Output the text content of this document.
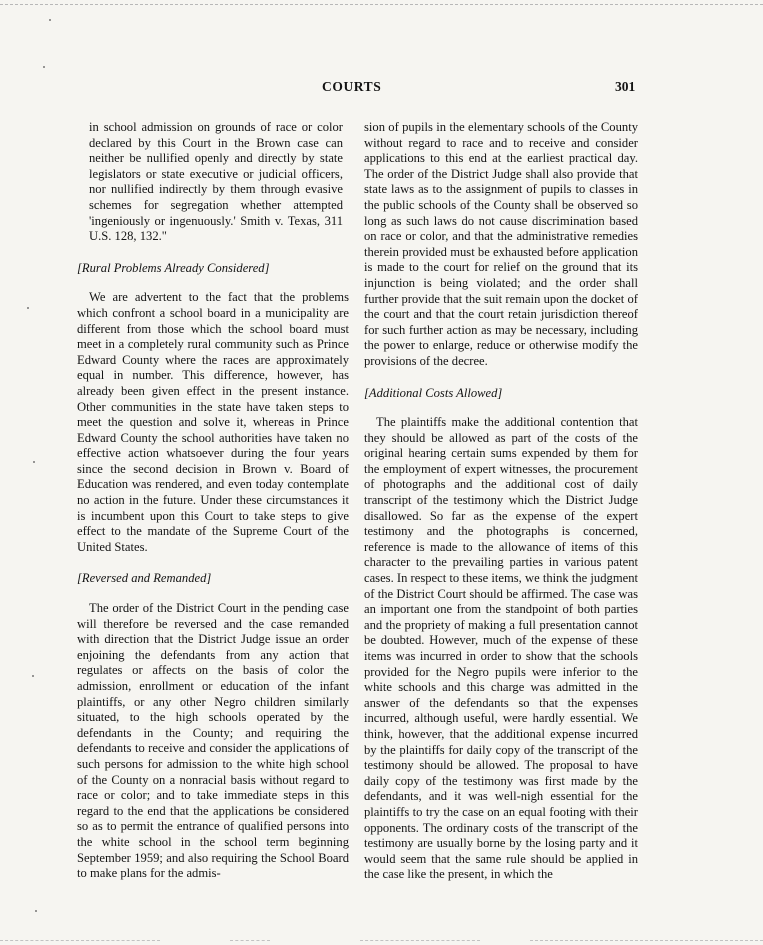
COURTS	301

in school admission on grounds of race or color declared by this Court in the Brown case can neither be nullified openly and directly by state legislators or state executive or judicial officers, nor nullified indirectly by them through evasive schemes for segregation whether attempted 'ingeniously or ingenuously.' Smith v. Texas, 311 U.S. 128, 132."

[Rural Problems Already Considered]

We are advertent to the fact that the problems which confront a school board in a municipality are different from those which the school board must meet in a completely rural community such as Prince Edward County where the races are approximately equal in number. This difference, however, has already been given effect in the present instance. Other communities in the state have taken steps to meet the question and solve it, whereas in Prince Edward County the school authorities have taken no effective action whatsoever during the four years since the second decision in Brown v. Board of Education was rendered, and even today contemplate no action in the future. Under these circumstances it is incumbent upon this Court to take steps to give effect to the mandate of the Supreme Court of the United States.

[Reversed and Remanded]

The order of the District Court in the pending case will therefore be reversed and the case remanded with direction that the District Judge issue an order enjoining the defendants from any action that regulates or affects on the basis of color the admission, enrollment or education of the infant plaintiffs, or any other Negro children similarly situated, to the high schools operated by the defendants in the County; and requiring the defendants to receive and consider the applications of such persons for admission to the white high school of the County on a nonracial basis without regard to race or color; and to take immediate steps in this regard to the end that the applications be considered so as to permit the entrance of qualified persons into the white school in the school term beginning September 1959; and also requiring the School Board to make plans for the admis-

sion of pupils in the elementary schools of the County without regard to race and to receive and consider applications to this end at the earliest practical day. The order of the District Judge shall also provide that state laws as to the assignment of pupils to classes in the public schools of the County shall be observed so long as such laws do not cause discrimination based on race or color, and that the administrative remedies therein provided must be exhausted before application is made to the court for relief on the ground that its injunction is being violated; and the order shall further provide that the suit remain upon the docket of the court and that the court retain jurisdiction thereof for such further action as may be necessary, including the power to enlarge, reduce or otherwise modify the provisions of the decree.

[Additional Costs Allowed]

The plaintiffs make the additional contention that they should be allowed as part of the costs of the original hearing certain sums expended by them for the employment of expert witnesses, the procurement of photographs and the additional cost of daily transcript of the testimony which the District Judge disallowed. So far as the expense of the expert testimony and the photographs is concerned, reference is made to the allowance of items of this character to the prevailing parties in various patent cases. In respect to these items, we think the judgment of the District Court should be affirmed. The case was an important one from the standpoint of both parties and the propriety of making a full presentation cannot be doubted. However, much of the expense of these items was incurred in order to show that the schools provided for the Negro pupils were inferior to the white schools and this charge was admitted in the answer of the defendants so that the expenses incurred, although useful, were hardly essential. We think, however, that the additional expense incurred by the plaintiffs for daily copy of the transcript of the testimony should be allowed. The proposal to have daily copy of the testimony was first made by the defendants, and it was well-nigh essential for the plaintiffs to try the case on an equal footing with their opponents. The ordinary costs of the transcript of the testimony are usually borne by the losing party and it would seem that the same rule should be applied in the case like the present, in which the
